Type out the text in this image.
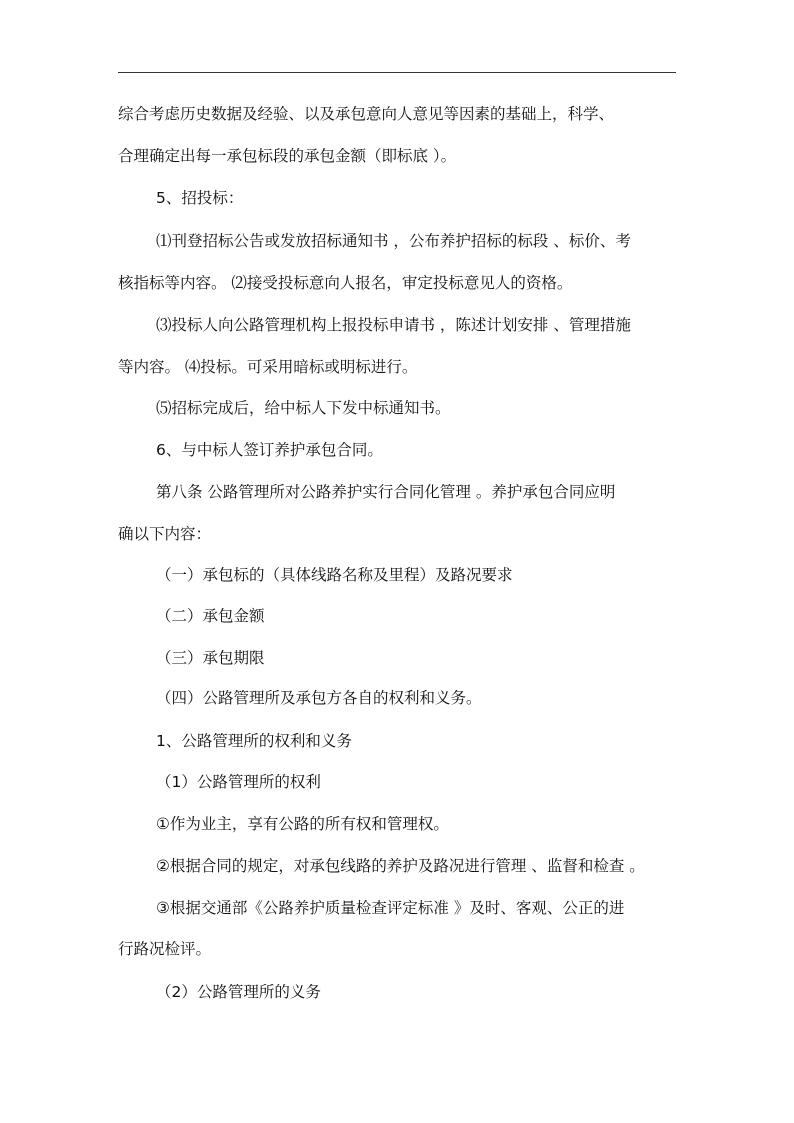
综合考虑历史数据及经验、以及承包意向人意见等因素的基础上，科学、
合理确定出每一承包标段的承包金额（即标底 ）。
5、招投标：
⑴刊登招标公告或发放招标通知书 ，公布养护招标的标段 、标价、考
核指标等内容。 ⑵接受投标意向人报名，审定投标意见人的资格。
⑶投标人向公路管理机构上报投标申请书 ，陈述计划安排 、管理措施
等内容。 ⑷投标。可采用暗标或明标进行。
⑸招标完成后，给中标人下发中标通知书。
6、与中标人签订养护承包合同。
第八条 公路管理所对公路养护实行合同化管理 。养护承包合同应明
确以下内容：
（一）承包标的（具体线路名称及里程）及路况要求
（二）承包金额
（三）承包期限
（四）公路管理所及承包方各自的权利和义务。
1、公路管理所的权利和义务
（1）公路管理所的权利
①作为业主，享有公路的所有权和管理权。
②根据合同的规定，对承包线路的养护及路况进行管理 、监督和检查 。
③根据交通部《公路养护质量检查评定标准 》及时、客观、公正的进
行路况检评。
（2）公路管理所的义务
